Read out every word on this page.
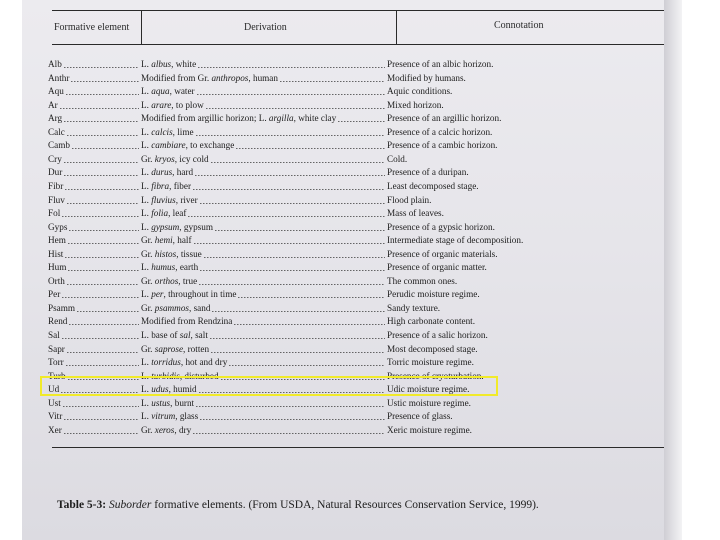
Formative element	Derivation	Connotation
Alb	L. albus, white	Presence of an albic horizon.
Anthr	Modified from Gr. anthropos, human	Modified by humans.
Aqu	L. aqua, water	Aquic conditions.
Ar	L. arare, to plow	Mixed horizon.
Arg	Modified from argillic horizon; L. argilla, white clay	Presence of an argillic horizon.
Calc	L. calcis, lime	Presence of a calcic horizon.
Camb	L. cambiare, to exchange	Presence of a cambic horizon.
Cry	Gr. kryos, icy cold	Cold.
Dur	L. durus, hard	Presence of a duripan.
Fibr	L. fibra, fiber	Least decomposed stage.
Fluv	L. fluvius, river	Flood plain.
Fol	L. folia, leaf	Mass of leaves.
Gyps	L. gypsum, gypsum	Presence of a gypsic horizon.
Hem	Gr. hemi, half	Intermediate stage of decomposition.
Hist	Gr. histos, tissue	Presence of organic materials.
Hum	L. humus, earth	Presence of organic matter.
Orth	Gr. orthos, true	The common ones.
Per	L. per, throughout in time	Perudic moisture regime.
Psamm	Gr. psammos, sand	Sandy texture.
Rend	Modified from Rendzina	High carbonate content.
Sal	L. base of sal, salt	Presence of a salic horizon.
Sapr	Gr. saprose, rotten	Most decomposed stage.
Torr	L. torridus, hot and dry	Torric moisture regime.
Turb	L. turbidis, disturbed	Presence of cryoturbation.
Ud	L. udus, humid	Udic moisture regime.
Ust	L. ustus, burnt	Ustic moisture regime.
Vitr	L. vitrum, glass	Presence of glass.
Xer	Gr. xeros, dry	Xeric moisture regime.
Table 5-3: Suborder formative elements. (From USDA, Natural Resources Conservation Service, 1999).
